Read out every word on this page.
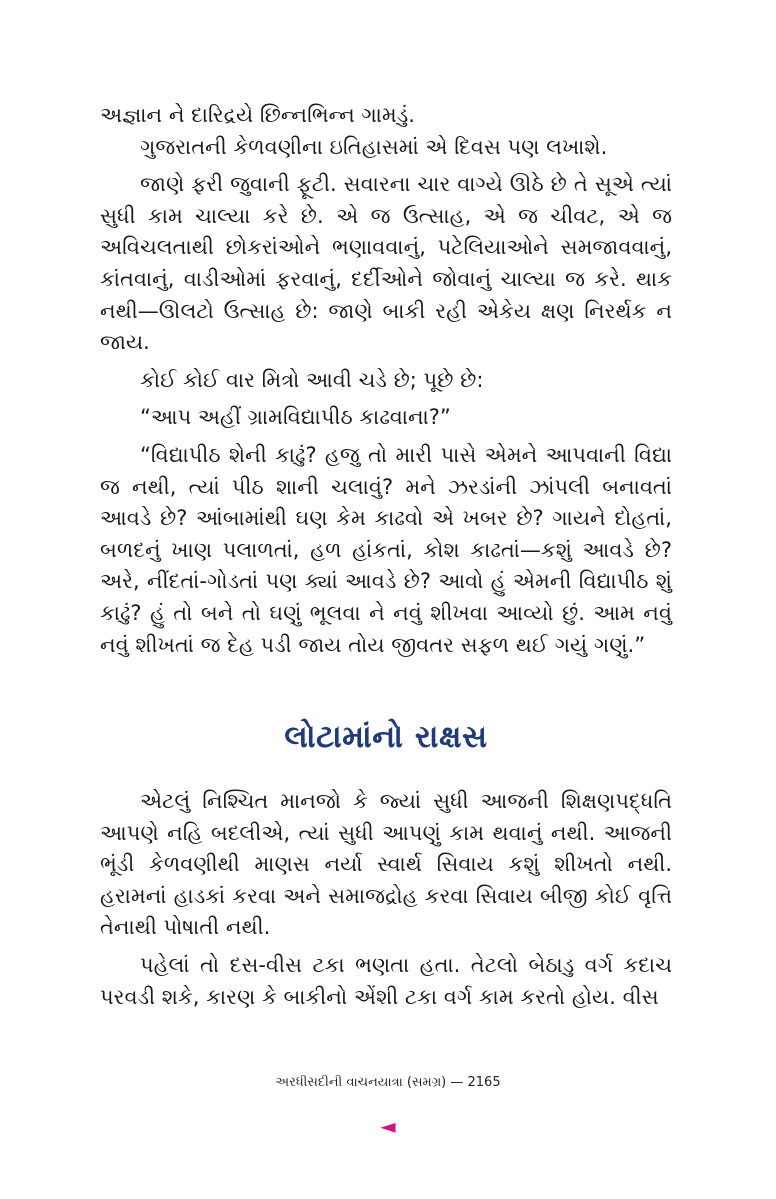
અજ્ઞાન ને દારિદ્રયે છિન્નભિન્ન ગામડું.

ગુજરાતની કેળવણીના ઇતિહાસમાં એ દિવસ પણ લખાશે.

જાણે ફરી જુવાની ફૂટી. સવારના ચાર વાગ્યે ઊઠે છે તે સૂએ ત્યાં સુધી કામ ચાલ્યા કરે છે. એ જ ઉત્સાહ, એ જ ચીવટ, એ જ અવિચલતાથી છોકરાંઓને ભણાવવાનું, પટેલિયાઓને સમજાવવાનું, કાંતવાનું, વાડીઓમાં ફરવાનું, દર્દીઓને જોવાનું ચાલ્યા જ કરે. થાક નથી—ઊલટો ઉત્સાહ છે: જાણે બાકી રહી એકેય ક્ષણ નિરર્થક ન જાય.

કોઈ કોઈ વાર મિત્રો આવી ચડે છે; પૂછે છે:

“આપ અહીં ગ્રામવિદ્યાપીઠ કાઢવાના?”

“વિદ્યાપીઠ શેની કાઢું? હજુ તો મારી પાસે એમને આપવાની વિદ્યા જ નથી, ત્યાં પીઠ શાની ચલાવું? મને ઝરડાંની ઝાંપલી બનાવતાં આવડે છે? આંબામાંથી ઘણ કેમ કાઢવો એ ખબર છે? ગાયને દોહતાં, બળદનું ખાણ પલાળતાં, હળ હાંકતાં, કોશ કાઢતાં—કશું આવડે છે? અરે, નીંદતાં-ગોડતાં પણ ક્યાં આવડે છે? આવો હું એમની વિદ્યાપીઠ શું કાઢું? હું તો બને તો ઘણું ભૂલવા ને નવું શીખવા આવ્યો છું. આમ નવું નવું શીખતાં જ દેહ પડી જાય તોય જીવતર સફળ થઈ ગયું ગણું.”

લોટામાંનો રાક્ષસ

એટલું નિશ્ચિત માનજો કે જ્યાં સુધી આજની શિક્ષણપદ્ધતિ આપણે નહિ બદલીએ, ત્યાં સુધી આપણું કામ થવાનું નથી. આજની ભૂંડી કેળવણીથી માણસ નર્યા સ્વાર્થ સિવાય કશું શીખતો નથી. હરામનાં હાડકાં કરવા અને સમાજદ્રોહ કરવા સિવાય બીજી કોઈ વૃત્તિ તેનાથી પોષાતી નથી.

પહેલાં તો દસ-વીસ ટકા ભણતા હતા. તેટલો બેઠાડુ વર્ગ કદાચ પરવડી શકે, કારણ કે બાકીનો એંશી ટકા વર્ગ કામ કરતો હોય. વીસ

અરધીસદીની વાચનયાત્રા (સમગ્ર) — 2165
◄
